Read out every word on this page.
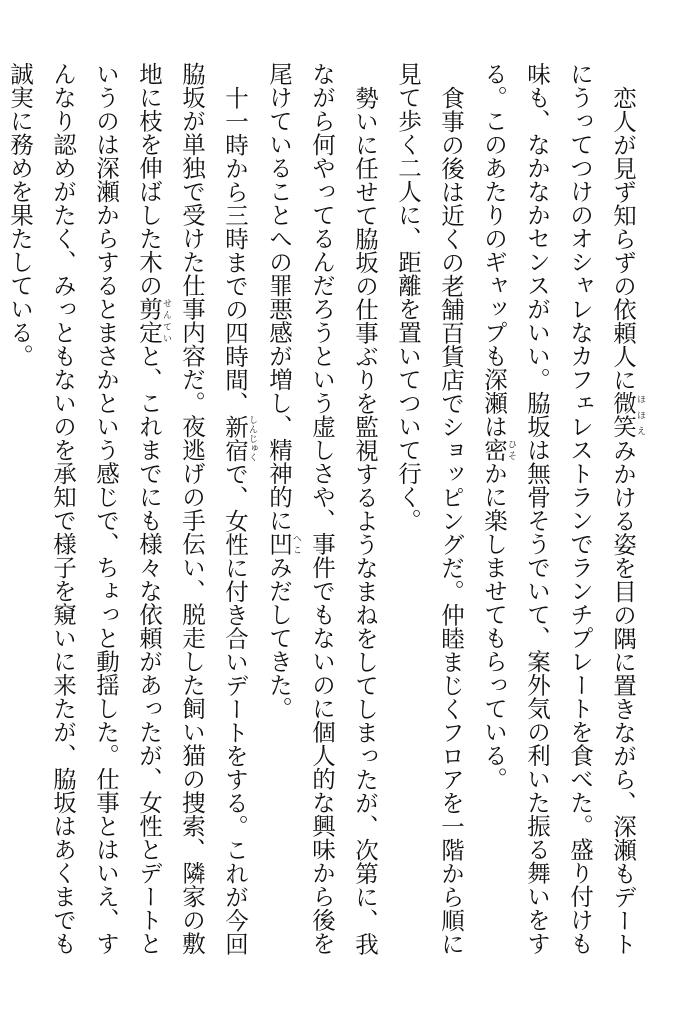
恋人が見ず知らずの依頼人に微笑ほほえみかける姿を目の隅に置きながら、深瀬もデートにうってつけのオシャレなカフェレストランでランチプレートを食べた。盛り付けも味も、なかなかセンスがいい。脇坂は無骨そうでいて、案外気の利いた振る舞いをする。このあたりのギャップも深瀬は密ひそかに楽しませてもらっている。

食事の後は近くの老舗百貨店でショッピングだ。仲睦まじくフロアを一階から順に見て歩く二人に、距離を置いてついて行く。

勢いに任せて脇坂の仕事ぶりを監視するようなまねをしてしまったが、次第に、我ながら何やってるんだろうという虚しさや、事件でもないのに個人的な興味から後を尾けていることへの罪悪感が増し、精神的に凹へこみだしてきた。

十一時から三時までの四時間、新宿しんじゅくで、女性に付き合いデートをする。これが今回脇坂が単独で受けた仕事内容だ。夜逃げの手伝い、脱走した飼い猫の捜索、隣家の敷地に枝を伸ばした木の剪定せんていと、これまでにも様々な依頼があったが、女性とデートというのは深瀬からするとまさかという感じで、ちょっと動揺した。仕事とはいえ、すんなり認めがたく、みっともないのを承知で様子を窺いに来たが、脇坂はあくまでも誠実に務めを果たしている。
